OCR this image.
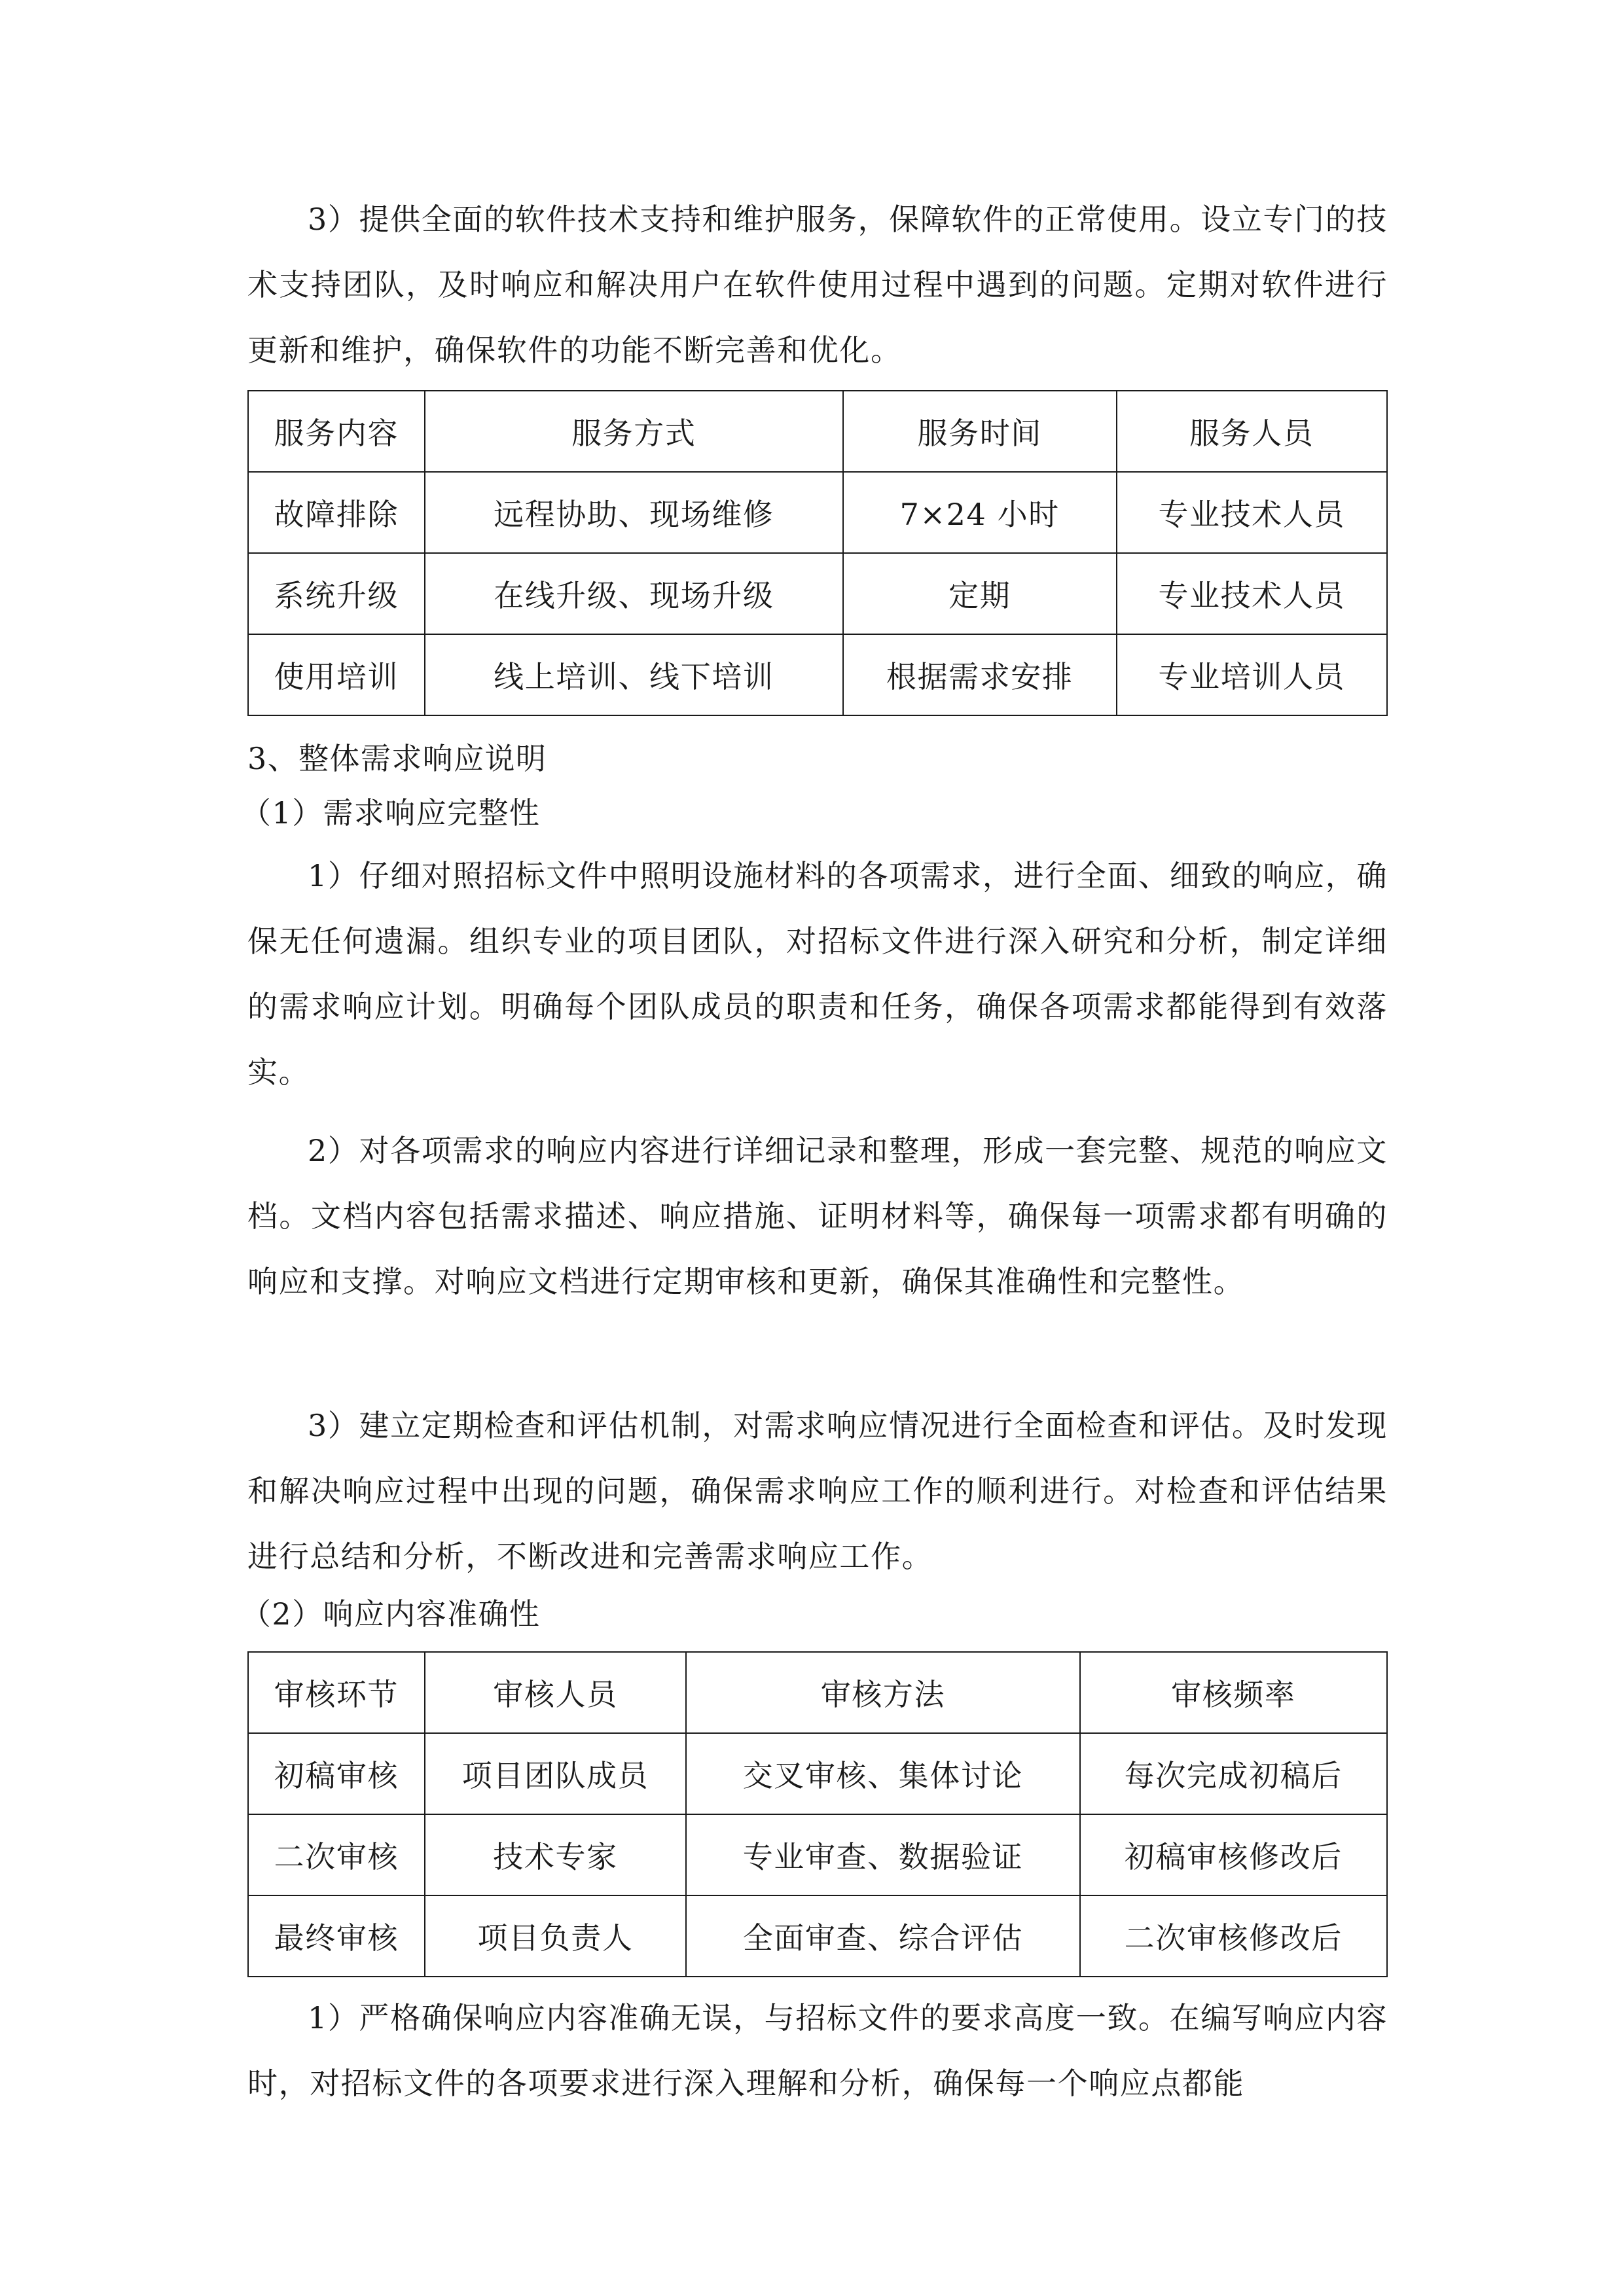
3）提供全面的软件技术支持和维护服务，保障软件的正常使用。设立专门的技术支持团队，及时响应和解决用户在软件使用过程中遇到的问题。定期对软件进行更新和维护，确保软件的功能不断完善和优化。

服务内容	服务方式	服务时间	服务人员
故障排除	远程协助、现场维修	7×24 小时	专业技术人员
系统升级	在线升级、现场升级	定期	专业技术人员
使用培训	线上培训、线下培训	根据需求安排	专业培训人员

3、整体需求响应说明

（1）需求响应完整性

1）仔细对照招标文件中照明设施材料的各项需求，进行全面、细致的响应，确保无任何遗漏。组织专业的项目团队，对招标文件进行深入研究和分析，制定详细的需求响应计划。明确每个团队成员的职责和任务，确保各项需求都能得到有效落实。

2）对各项需求的响应内容进行详细记录和整理，形成一套完整、规范的响应文档。文档内容包括需求描述、响应措施、证明材料等，确保每一项需求都有明确的响应和支撑。对响应文档进行定期审核和更新，确保其准确性和完整性。

3）建立定期检查和评估机制，对需求响应情况进行全面检查和评估。及时发现和解决响应过程中出现的问题，确保需求响应工作的顺利进行。对检查和评估结果进行总结和分析，不断改进和完善需求响应工作。

（2）响应内容准确性

审核环节	审核人员	审核方法	审核频率
初稿审核	项目团队成员	交叉审核、集体讨论	每次完成初稿后
二次审核	技术专家	专业审查、数据验证	初稿审核修改后
最终审核	项目负责人	全面审查、综合评估	二次审核修改后

1）严格确保响应内容准确无误，与招标文件的要求高度一致。在编写响应内容时，对招标文件的各项要求进行深入理解和分析，确保每一个响应点都能
